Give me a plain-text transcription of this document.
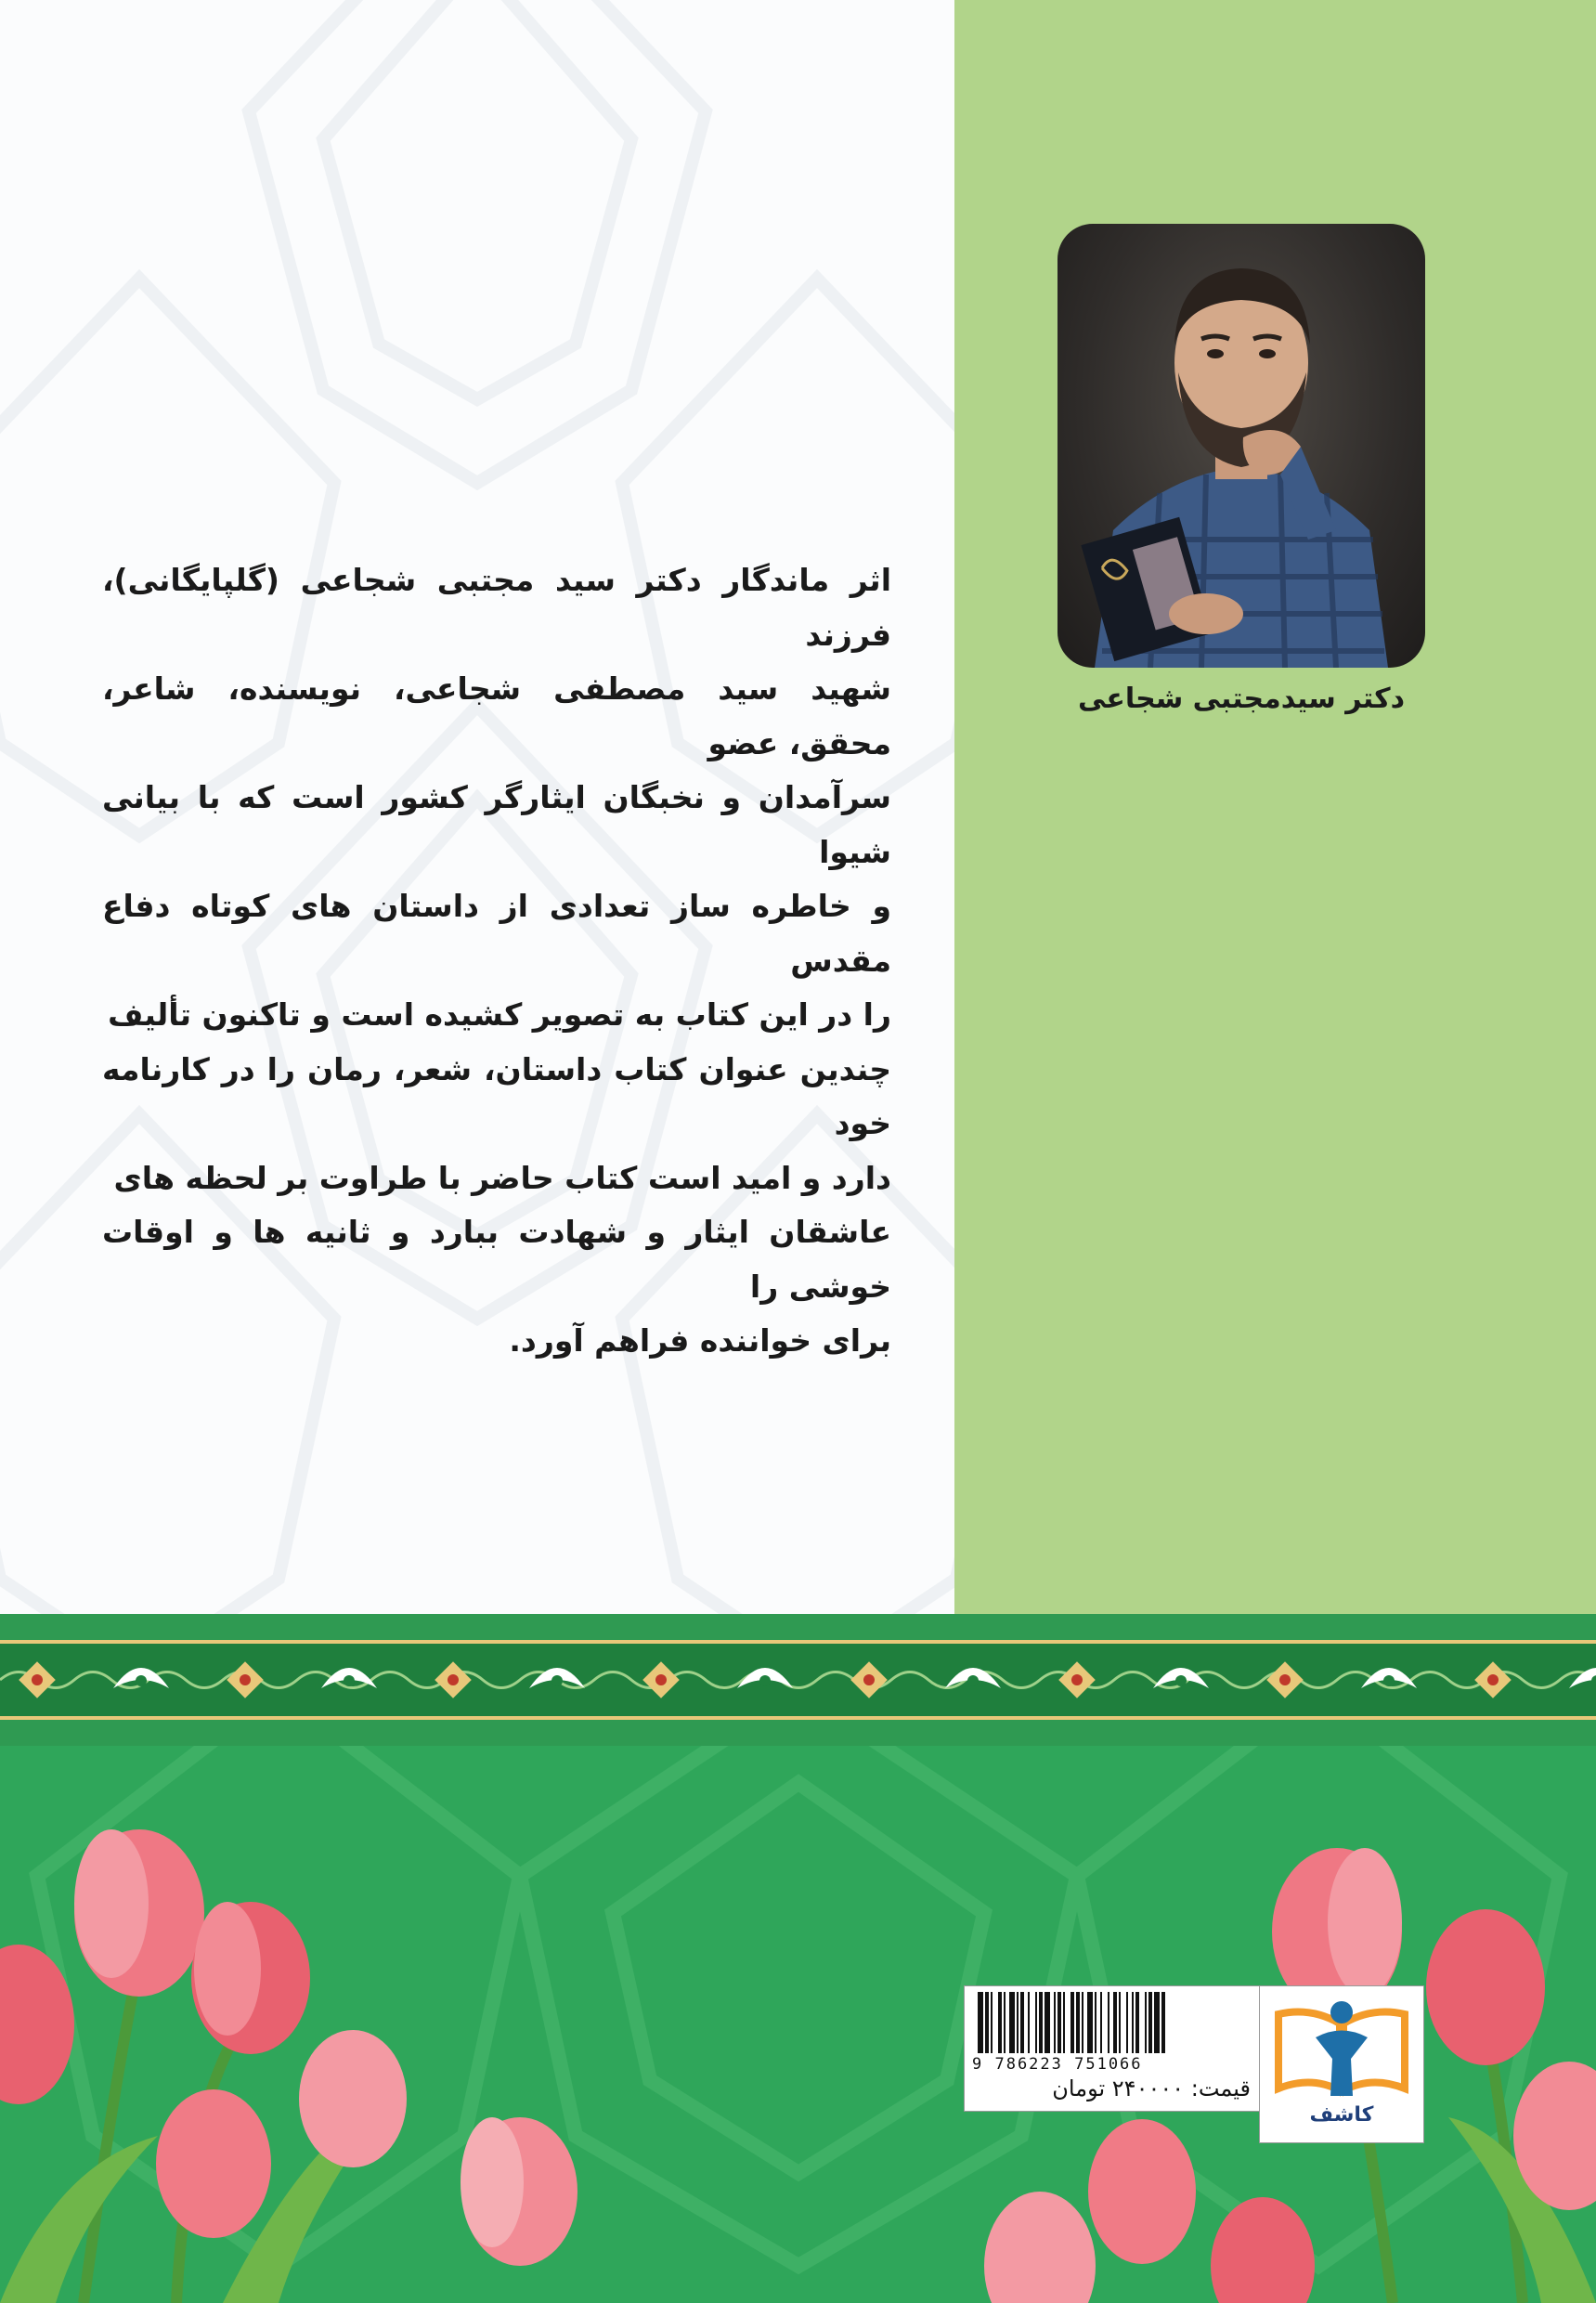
اثر ماندگار دکتر سید مجتبی شجاعی (گلپایگانی)، فرزند
شهید سید مصطفی شجاعی، نویسنده، شاعر، محقق، عضو
سرآمدان و نخبگان ایثارگر کشور است که با بیانی شیوا
و خاطره ساز تعدادی از داستان های کوتاه دفاع مقدس
را در این کتاب به تصویر کشیده است و تاکنون تألیف
چندین عنوان کتاب داستان، شعر، رمان را در کارنامه خود
دارد و امید است کتاب حاضر با طراوت بر لحظه های
عاشقان ایثار و شهادت ببارد و ثانیه ها و اوقات خوشی را
برای خواننده فراهم آورد.
دکتر سیدمجتبی شجاعی
9 786223 751066
قیمت: ۲۴۰۰۰۰ تومان
کاشف
